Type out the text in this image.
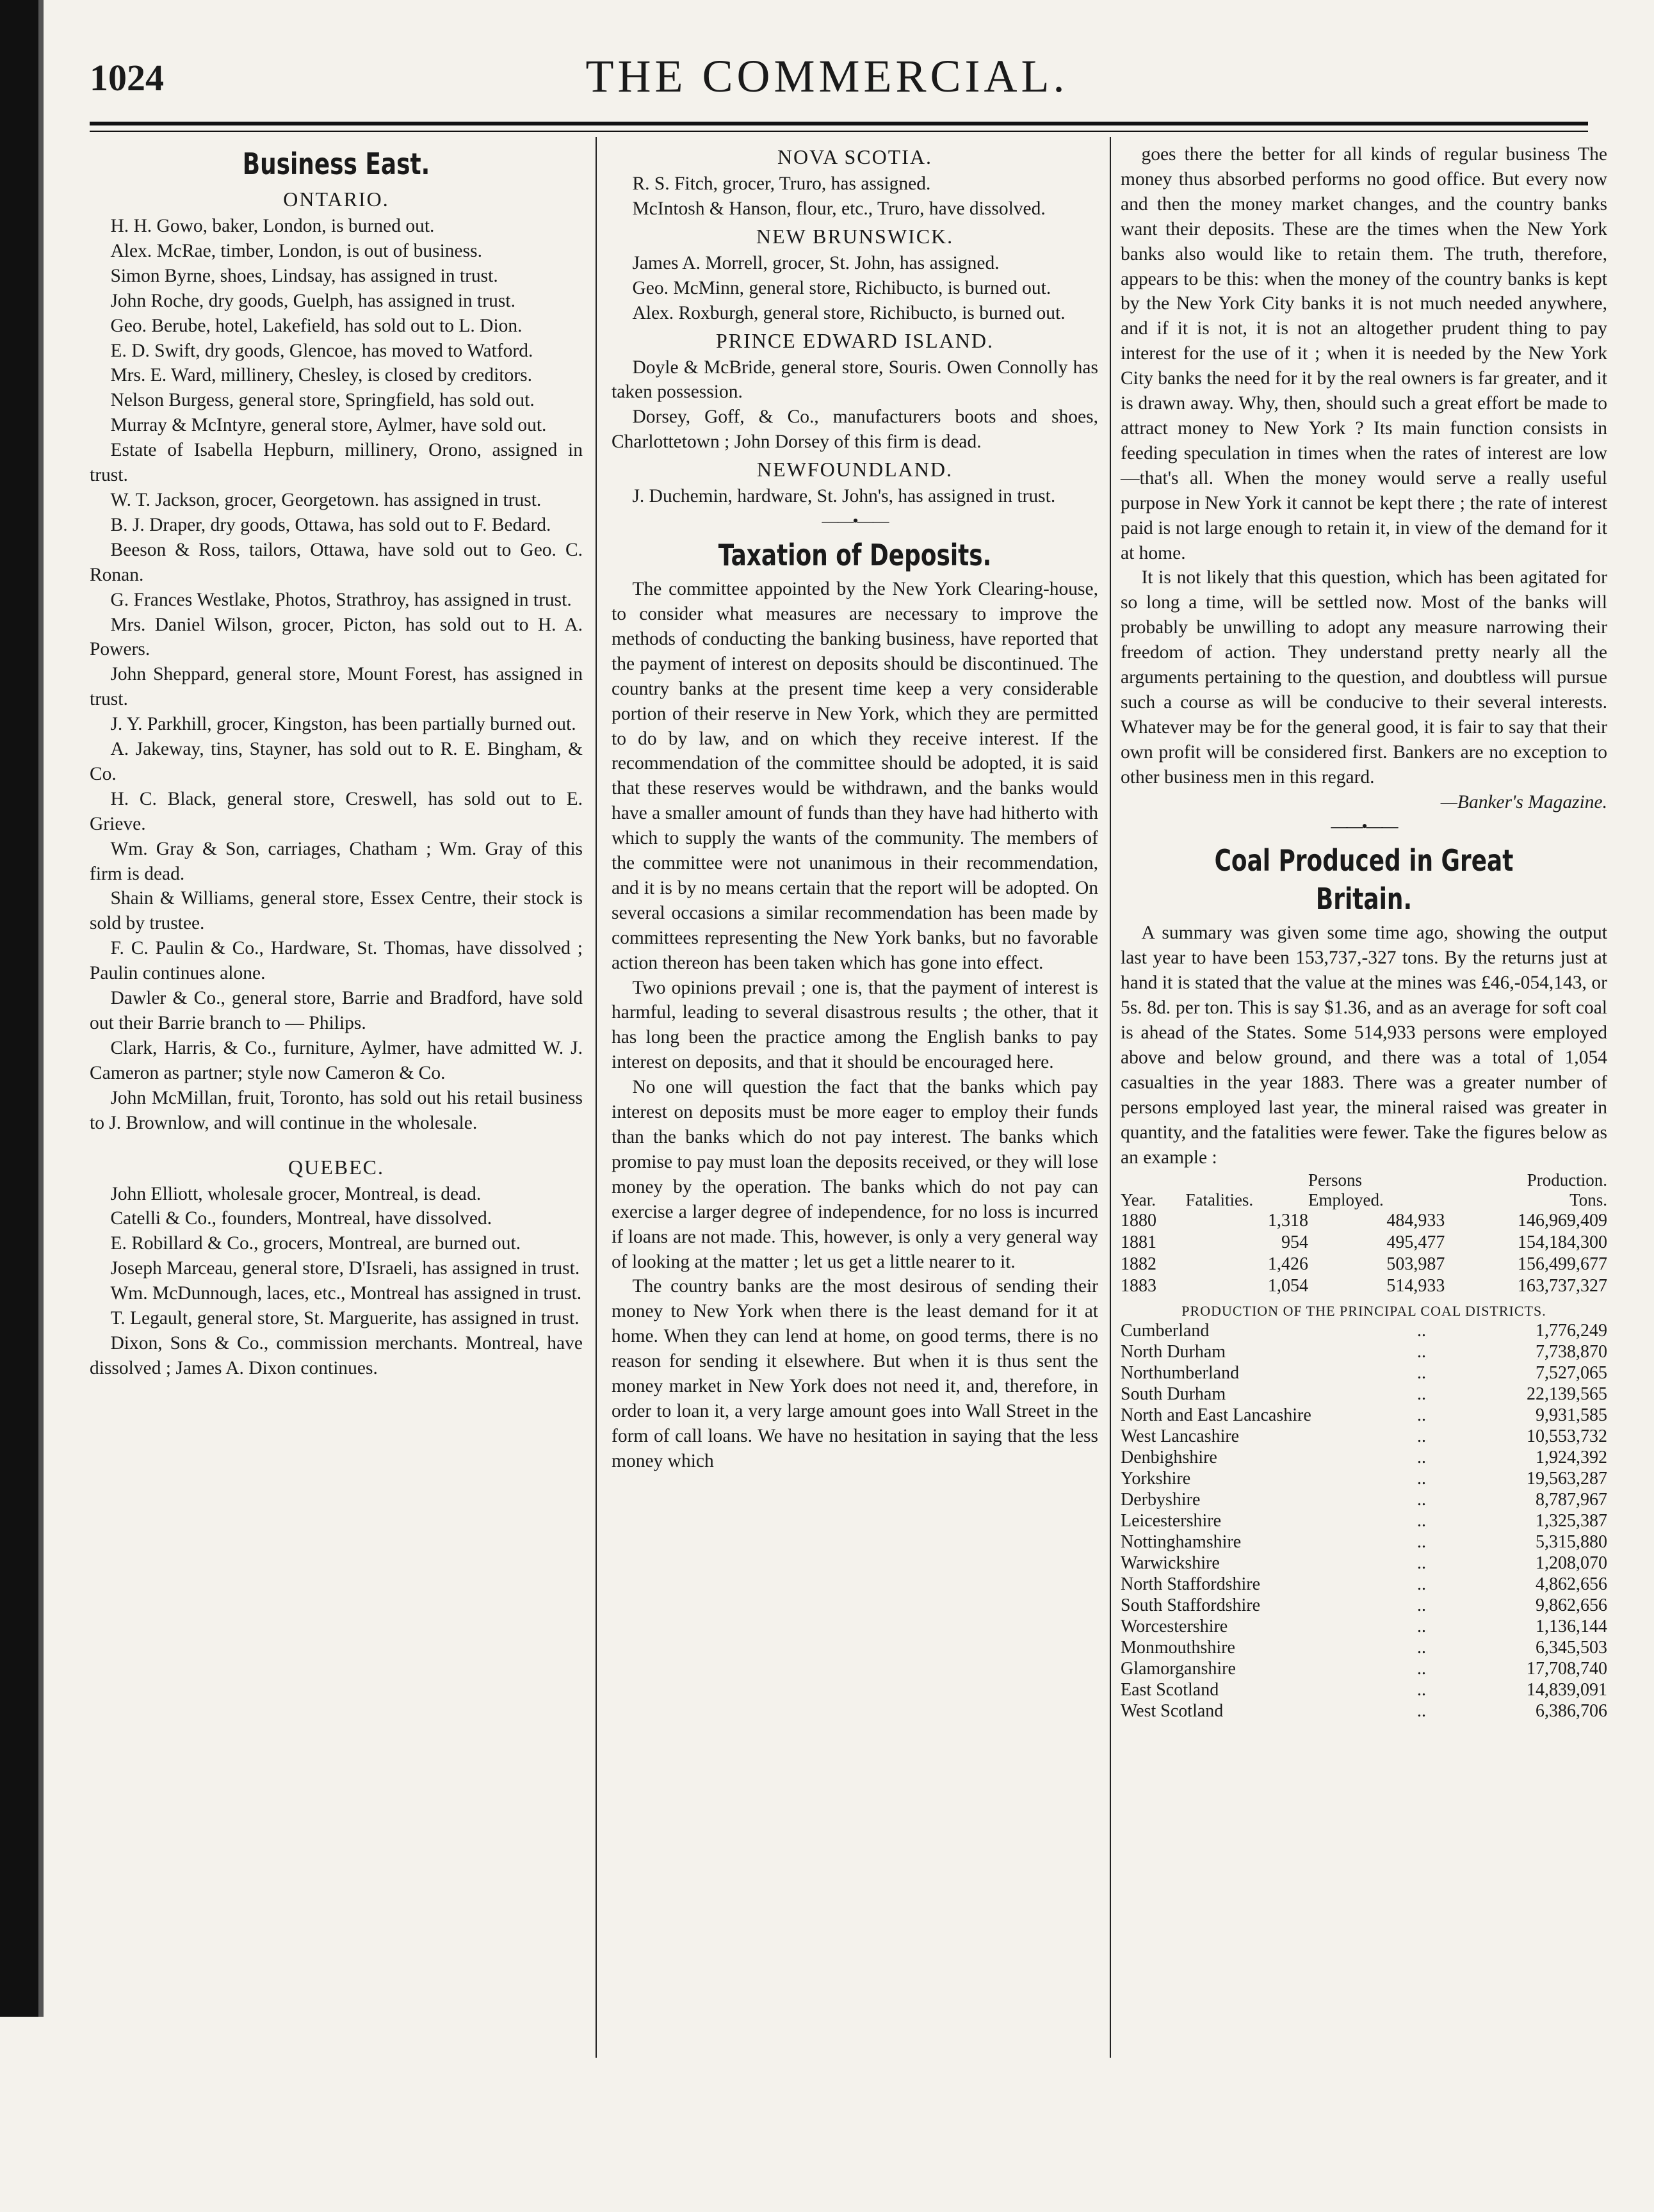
1024	THE COMMERCIAL.
Business East.
ONTARIO.

H. H. Gowo, baker, London, is burned out.

Alex. McRae, timber, London, is out of business.

Simon Byrne, shoes, Lindsay, has assigned in trust.

John Roche, dry goods, Guelph, has assigned in trust.

Geo. Berube, hotel, Lakefield, has sold out to L. Dion.

E. D. Swift, dry goods, Glencoe, has moved to Watford.

Mrs. E. Ward, millinery, Chesley, is closed by creditors.

Nelson Burgess, general store, Springfield, has sold out.

Murray & McIntyre, general store, Aylmer, have sold out.

Estate of Isabella Hepburn, millinery, Orono, assigned in trust.

W. T. Jackson, grocer, Georgetown. has assigned in trust.

B. J. Draper, dry goods, Ottawa, has sold out to F. Bedard.

Beeson & Ross, tailors, Ottawa, have sold out to Geo. C. Ronan.

G. Frances Westlake, Photos, Strathroy, has assigned in trust.

Mrs. Daniel Wilson, grocer, Picton, has sold out to H. A. Powers.

John Sheppard, general store, Mount Forest, has assigned in trust.

J. Y. Parkhill, grocer, Kingston, has been partially burned out.

A. Jakeway, tins, Stayner, has sold out to R. E. Bingham, & Co.

H. C. Black, general store, Creswell, has sold out to E. Grieve.

Wm. Gray & Son, carriages, Chatham ; Wm. Gray of this firm is dead.

Shain & Williams, general store, Essex Centre, their stock is sold by trustee.

F. C. Paulin & Co., Hardware, St. Thomas, have dissolved ; Paulin continues alone.

Dawler & Co., general store, Barrie and Bradford, have sold out their Barrie branch to — Philips.

Clark, Harris, & Co., furniture, Aylmer, have admitted W. J. Cameron as partner; style now Cameron & Co.

John McMillan, fruit, Toronto, has sold out his retail business to J. Brownlow, and will continue in the wholesale.

QUEBEC.

John Elliott, wholesale grocer, Montreal, is dead.

Catelli & Co., founders, Montreal, have dissolved.

E. Robillard & Co., grocers, Montreal, are burned out.

Joseph Marceau, general store, D'Israeli, has assigned in trust.

Wm. McDunnough, laces, etc., Montreal has assigned in trust.

T. Legault, general store, St. Marguerite, has assigned in trust.

Dixon, Sons & Co., commission merchants. Montreal, have dissolved ; James A. Dixon continues.

NOVA SCOTIA.

R. S. Fitch, grocer, Truro, has assigned.

McIntosh & Hanson, flour, etc., Truro, have dissolved.

NEW BRUNSWICK.

James A. Morrell, grocer, St. John, has assigned.

Geo. McMinn, general store, Richibucto, is burned out.

Alex. Roxburgh, general store, Richibucto, is burned out.

PRINCE EDWARD ISLAND.

Doyle & McBride, general store, Souris. Owen Connolly has taken possession.

Dorsey, Goff, & Co., manufacturers boots and shoes, Charlottetown ; John Dorsey of this firm is dead.

NEWFOUNDLAND.

J. Duchemin, hardware, St. John's, has assigned in trust.

——•——
Taxation of Deposits.

The committee appointed by the New York Clearing-house, to consider what measures are necessary to improve the methods of conducting the banking business, have reported that the payment of interest on deposits should be discontinued. The country banks at the present time keep a very considerable portion of their reserve in New York, which they are permitted to do by law, and on which they receive interest. If the recommendation of the committee should be adopted, it is said that these reserves would be withdrawn, and the banks would have a smaller amount of funds than they have had hitherto with which to supply the wants of the community. The members of the committee were not unanimous in their recommendation, and it is by no means certain that the report will be adopted. On several occasions a similar recommendation has been made by committees representing the New York banks, but no favorable action thereon has been taken which has gone into effect.

Two opinions prevail ; one is, that the payment of interest is harmful, leading to several disastrous results ; the other, that it has long been the practice among the English banks to pay interest on deposits, and that it should be encouraged here.

No one will question the fact that the banks which pay interest on deposits must be more eager to employ their funds than the banks which do not pay interest. The banks which promise to pay must loan the deposits received, or they will lose money by the operation. The banks which do not pay can exercise a larger degree of independence, for no loss is incurred if loans are not made. This, however, is only a very general way of looking at the matter ; let us get a little nearer to it.

The country banks are the most desirous of sending their money to New York when there is the least demand for it at home. When they can lend at home, on good terms, there is no reason for sending it elsewhere. But when it is thus sent the money market in New York does not need it, and, therefore, in order to loan it, a very large amount goes into Wall Street in the form of call loans. We have no hesitation in saying that the less money which

goes there the better for all kinds of regular business The money thus absorbed performs no good office. But every now and then the money market changes, and the country banks want their deposits. These are the times when the New York banks also would like to retain them. The truth, therefore, appears to be this: when the money of the country banks is kept by the New York City banks it is not much needed anywhere, and if it is not, it is not an altogether prudent thing to pay interest for the use of it ; when it is needed by the New York City banks the need for it by the real owners is far greater, and it is drawn away. Why, then, should such a great effort be made to attract money to New York ? Its main function consists in feeding speculation in times when the rates of interest are low—that's all. When the money would serve a really useful purpose in New York it cannot be kept there ; the rate of interest paid is not large enough to retain it, in view of the demand for it at home.

It is not likely that this question, which has been agitated for so long a time, will be settled now. Most of the banks will probably be unwilling to adopt any measure narrowing their freedom of action. They understand pretty nearly all the arguments pertaining to the question, and doubtless will pursue such a course as will be conducive to their several interests. Whatever may be for the general good, it is fair to say that their own profit will be considered first. Bankers are no exception to other business men in this regard.

—Banker's Magazine.

——•——
Coal Produced in Great Britain.

A summary was given some time ago, showing the output last year to have been 153,737,-327 tons. By the returns just at hand it is stated that the value at the mines was £46,-054,143, or 5s. 8d. per ton. This is say $1.36, and as an average for soft coal is ahead of the States. Some 514,933 persons were employed above and below ground, and there was a total of 1,054 casualties in the year 1883. There was a greater number of persons employed last year, the mineral raised was greater in quantity, and the fatalities were fewer. Take the figures below as an example :

		Persons	Production.
Year.	Fatalities.	Employed.	Tons.
1880	1,318	484,933	146,969,409
1881	954	495,477	154,184,300
1882	1,426	503,987	156,499,677
1883	1,054	514,933	163,737,327
PRODUCTION OF THE PRINCIPAL COAL DISTRICTS.
Cumberland	..	1,776,249
North Durham	..	7,738,870
Northumberland	..	7,527,065
South Durham	..	22,139,565
North and East Lancashire	..	9,931,585
West Lancashire	..	10,553,732
Denbighshire	..	1,924,392
Yorkshire	..	19,563,287
Derbyshire	..	8,787,967
Leicestershire	..	1,325,387
Nottinghamshire	..	5,315,880
Warwickshire	..	1,208,070
North Staffordshire	..	4,862,656
South Staffordshire	..	9,862,656
Worcestershire	..	1,136,144
Monmouthshire	..	6,345,503
Glamorganshire	..	17,708,740
East Scotland	..	14,839,091
West Scotland	..	6,386,706
